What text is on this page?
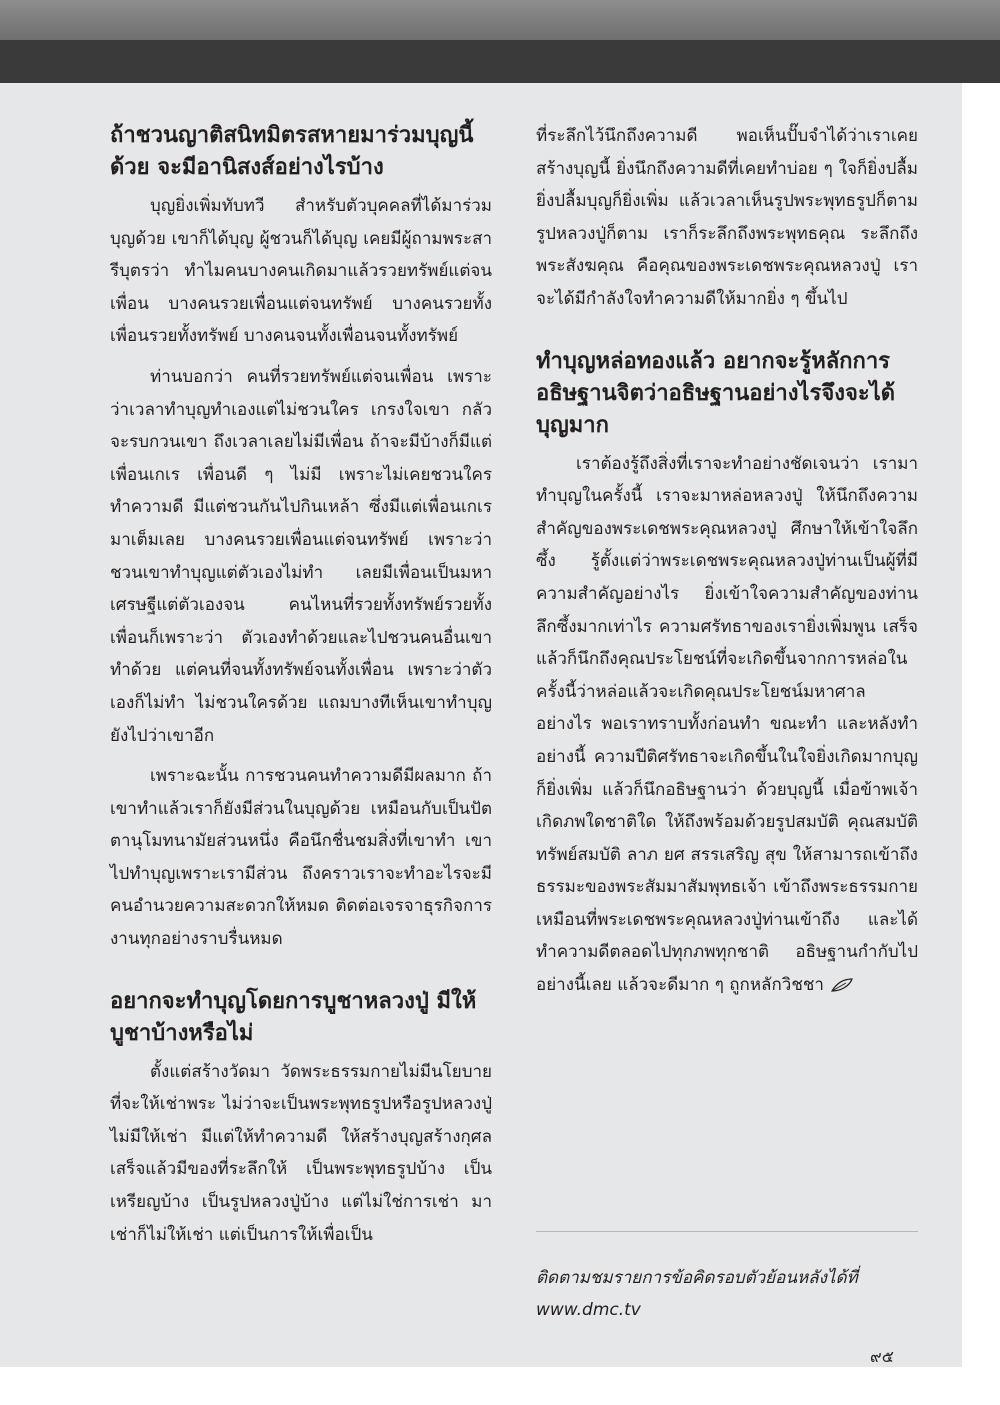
ถ้าชวนญาติสนิทมิตรสหายมาร่วมบุญนี้ ด้วย จะมีอานิสงส์อย่างไรบ้าง

บุญยิ่งเพิ่มทับทวี สำหรับตัวบุคคลที่ได้มาร่วมบุญด้วย เขาก็ได้บุญ ผู้ชวนก็ได้บุญ เคยมีผู้ถามพระสารีบุตรว่า ทำไมคนบางคนเกิดมาแล้วรวยทรัพย์แต่จนเพื่อน บางคนรวยเพื่อนแต่จนทรัพย์ บางคนรวยทั้งเพื่อนรวยทั้งทรัพย์ บางคนจนทั้งเพื่อนจนทั้งทรัพย์

ท่านบอกว่า คนที่รวยทรัพย์แต่จนเพื่อน เพราะว่าเวลาทำบุญทำเองแต่ไม่ชวนใคร เกรงใจเขา กลัวจะรบกวนเขา ถึงเวลาเลยไม่มีเพื่อน ถ้าจะมีบ้างก็มีแต่เพื่อนเกเร เพื่อนดี ๆ ไม่มี เพราะไม่เคยชวนใครทำความดี มีแต่ชวนกันไปกินเหล้า ซึ่งมีแต่เพื่อนเกเรมาเต็มเลย บางคนรวยเพื่อนแต่จนทรัพย์ เพราะว่าชวนเขาทำบุญแต่ตัวเองไม่ทำ เลยมีเพื่อนเป็นมหาเศรษฐีแต่ตัวเองจน คนไหนที่รวยทั้งทรัพย์รวยทั้งเพื่อนก็เพราะว่า ตัวเองทำด้วยและไปชวนคนอื่นเขาทำด้วย แต่คนที่จนทั้งทรัพย์จนทั้งเพื่อน เพราะว่าตัวเองก็ไม่ทำ ไม่ชวนใครด้วย แถมบางทีเห็นเขาทำบุญยังไปว่าเขาอีก

เพราะฉะนั้น การชวนคนทำความดีมีผลมาก ถ้าเขาทำแล้วเราก็ยังมีส่วนในบุญด้วย เหมือนกับเป็นปัตตานุโมทนามัยส่วนหนึ่ง คือนึกชื่นชมสิ่งที่เขาทำ เขาไปทำบุญเพราะเรามีส่วน ถึงคราวเราจะทำอะไรจะมีคนอำนวยความสะดวกให้หมด ติดต่อเจรจาธุรกิจการงานทุกอย่างราบรื่นหมด

อยากจะทำบุญโดยการบูชาหลวงปู่ มีให้บูชาบ้างหรือไม่

ตั้งแต่สร้างวัดมา วัดพระธรรมกายไม่มีนโยบายที่จะให้เช่าพระ ไม่ว่าจะเป็นพระพุทธรูปหรือรูปหลวงปู่ ไม่มีให้เช่า มีแต่ให้ทำความดี ให้สร้างบุญสร้างกุศล เสร็จแล้วมีของที่ระลึกให้ เป็นพระพุทธรูปบ้าง เป็นเหรียญบ้าง เป็นรูปหลวงปู่บ้าง แต่ไม่ใช่การเช่า มาเช่าก็ไม่ให้เช่า แต่เป็นการให้เพื่อเป็น

ที่ระลึกไว้นึกถึงความดี พอเห็นปั๊บจำได้ว่าเราเคยสร้างบุญนี้ ยิ่งนึกถึงความดีที่เคยทำบ่อย ๆ ใจก็ยิ่งปลื้ม ยิ่งปลื้มบุญก็ยิ่งเพิ่ม แล้วเวลาเห็นรูปพระพุทธรูปก็ตาม รูปหลวงปู่ก็ตาม เราก็ระลึกถึงพระพุทธคุณ ระลึกถึงพระสังฆคุณ คือคุณของพระเดชพระคุณหลวงปู่ เราจะได้มีกำลังใจทำความดีให้มากยิ่ง ๆ ขึ้นไป

ทำบุญหล่อทองแล้ว อยากจะรู้หลักการอธิษฐานจิตว่าอธิษฐานอย่างไรจึงจะได้บุญมาก

เราต้องรู้ถึงสิ่งที่เราจะทำอย่างชัดเจนว่า เรามาทำบุญในครั้งนี้ เราจะมาหล่อหลวงปู่ ให้นึกถึงความสำคัญของพระเดชพระคุณหลวงปู่ ศึกษาให้เข้าใจลึกซึ้ง รู้ตั้งแต่ว่าพระเดชพระคุณหลวงปู่ท่านเป็นผู้ที่มีความสำคัญอย่างไร ยิ่งเข้าใจความสำคัญของท่านลึกซึ้งมากเท่าไร ความศรัทธาของเรายิ่งเพิ่มพูน เสร็จแล้วก็นึกถึงคุณประโยชน์ที่จะเกิดขึ้นจากการหล่อในครั้งนี้ว่าหล่อแล้วจะเกิดคุณประโยชน์มหาศาลอย่างไร พอเราทราบทั้งก่อนทำ ขณะทำ และหลังทำอย่างนี้ ความปีติศรัทธาจะเกิดขึ้นในใจยิ่งเกิดมากบุญก็ยิ่งเพิ่ม แล้วก็นึกอธิษฐานว่า ด้วยบุญนี้ เมื่อข้าพเจ้าเกิดภพใดชาติใด ให้ถึงพร้อมด้วยรูปสมบัติ คุณสมบัติ ทรัพย์สมบัติ ลาภ ยศ สรรเสริญ สุข ให้สามารถเข้าถึงธรรมะของพระสัมมาสัมพุทธเจ้า เข้าถึงพระธรรมกายเหมือนที่พระเดชพระคุณหลวงปู่ท่านเข้าถึง และได้ทำความดีตลอดไปทุกภพทุกชาติ อธิษฐานกำกับไปอย่างนี้เลย แล้วจะดีมาก ๆ ถูกหลักวิชชา

ติดตามชมรายการข้อคิดรอบตัวย้อนหลังได้ที่
www.dmc.tv
๙๕
